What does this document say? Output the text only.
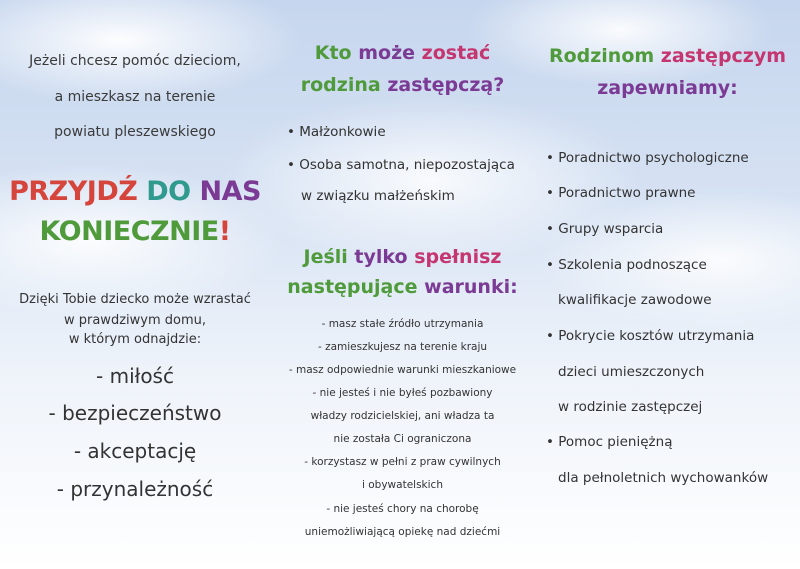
Jeżeli chcesz pomóc dzieciom,
a mieszkasz na terenie
powiatu pleszewskiego
PRZYJDŹ DO NAS
KONIECZNIE!
Dzięki Tobie dziecko może wzrastać
w prawdziwym domu,
w którym odnajdzie:
- miłość
- bezpieczeństwo
- akceptację
- przynależność
Kto może zostać
rodzina zastępczą?
• Małżonkowie
• Osoba samotna, niepozostająca
w związku małżeńskim
Jeśli tylko spełnisz
następujące warunki:
- masz stałe źródło utrzymania
- zamieszkujesz na terenie kraju
- masz odpowiednie warunki mieszkaniowe
- nie jesteś i nie byłeś pozbawiony
władzy rodzicielskiej, ani władza ta
nie została Ci ograniczona
- korzystasz w pełni z praw cywilnych
i obywatelskich
- nie jesteś chory na chorobę
uniemożliwiającą opiekę nad dziećmi
Rodzinom zastępczym
zapewniamy:
• Poradnictwo psychologiczne
• Poradnictwo prawne
• Grupy wsparcia
• Szkolenia podnoszące
kwalifikacje zawodowe
• Pokrycie kosztów utrzymania
dzieci umieszczonych
w rodzinie zastępczej
• Pomoc pieniężną
dla pełnoletnich wychowanków
